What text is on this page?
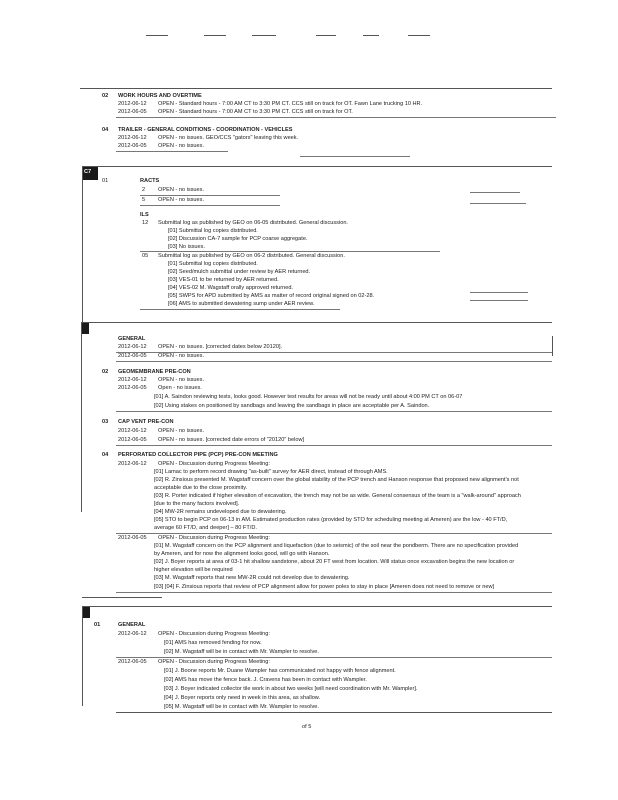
02 WORK HOURS AND OVERTIME
2012-06-12 OPEN - Standard hours - 7:00 AM CT to 3:30 PM CT. CCS still on track for OT. Fawn Lane trucking 10 HR.
2012-06-05 OPEN - Standard hours - 7:00 AM CT to 3:30 PM CT. CCS still on track for OT.
04 TRAILER - GENERAL CONDITIONS - COORDINATION - VEHICLES
2012-06-12 OPEN - no issues. GEO/CCS "gators" leaving this week.
2012-06-05 OPEN - no issues.
C7
01	RACTS
2 OPEN - no issues.
5 OPEN - no issues.
ILS
12 Submittal log as published by GEO on 06-05 distributed. General discussion.
[01] Submittal log copies distributed.
[02] Discussion CA-7 sample for PCP coarse aggregate.
[03] No issues.
05 Submittal log as published by GEO on 06-2 distributed. General discussion.
[01] Submittal log copies distributed.
[02] Seed/mulch submittal under review by AER returned.
[03] VES-01 to be returned by AER returned.
[04] VES-02 M. Wagstaff orally approved returned.
[05] SWPS for APD submitted by AMS as matter of record original signed on 02-28.
[06] AMS to submitted dewatering sump under AER review.
GENERAL
2012-06-12 OPEN - no issues. [corrected dates below 20120].
2012-06-05 OPEN - no issues.
02 GEOMEMBRANE PRE-CON
2012-06-12 OPEN - no issues.
2012-06-05 Open - no issues.
[01] A. Saindon reviewing tests, looks good. However test results for areas will not be ready until about 4:00 PM CT on 06-07
[02] Using stakes on positioned by sandbags and leaving the sandbags in place are acceptable per A. Saindon.
03 CAP VENT PRE-CON
2012-06-12 OPEN - no issues.
2012-06-05 OPEN - no issues. [corrected date errors of "20120" below]
04 PERFORATED COLLECTOR PIPE (PCP) PRE-CON MEETING
2012-06-12 OPEN - Discussion during Progress Meeting:
[01] Lamac to perform record drawing "as-built" survey for AER direct, instead of through AMS.
[02] R. Zinsious presented M. Wagstaff concern over the global stability of the PCP trench and Hanson response that proposed new alignment's not
acceptable due to the close proximity.
[03] R. Porter indicated if higher elevation of excavation, the trench may not be as wide. General consensus of the team is a "walk-around" approach
[due to the many factors involved].
[04] MW-2R remains undeveloped due to dewatering.
[05] STO to begin PCP on 06-13 in AM. Estimated production rates (provided by STO for scheduling meeting at Ameren) are the low - 40 FT/D,
average 60 FT/D, and deeper] – 80 FT/D.
2012-06-05 OPEN - Discussion during Progress Meeting:
[01] M. Wagstaff concern on the PCP alignment and liquefaction (due to seismic) of the soil near the pondberm. There are no specification provided
by Ameren, and for now the alignment looks good, will go with Hanson.
[02] J. Boyer reports at area of 03-1 hit shallow sandstone, about 20 FT west from location. Will status once excavation begins the new location or
higher elevation will be required
[03] M. Wagstaff reports that new MW-2R could not develop due to dewatering.
[03] [04] F. Zinsious reports that review of PCP alignment allow for power poles to stay in place [Ameren does not need to remove or new]
01	GENERAL
2012-06-12 OPEN - Discussion during Progress Meeting:
[01] AMS has removed fending for now.
[02] M. Wagstaff will be in contact with Mr. Wampler to resolve.
2012-06-05 OPEN - Discussion during Progress Meeting:
[01] J. Boone reports Mr. Duane Wampler has communicated not happy with fence alignment.
[02] AMS has move the fence back. J. Cravens has been in contact with Wampler.
[03] J. Boyer indicated collector tile work in about two weeks [will need coordination with Mr. Wampler].
[04] J. Boyer reports only need in week in this area, as shallow.
[05] M. Wagstaff will be in contact with Mr. Wampler to resolve.
of 5
